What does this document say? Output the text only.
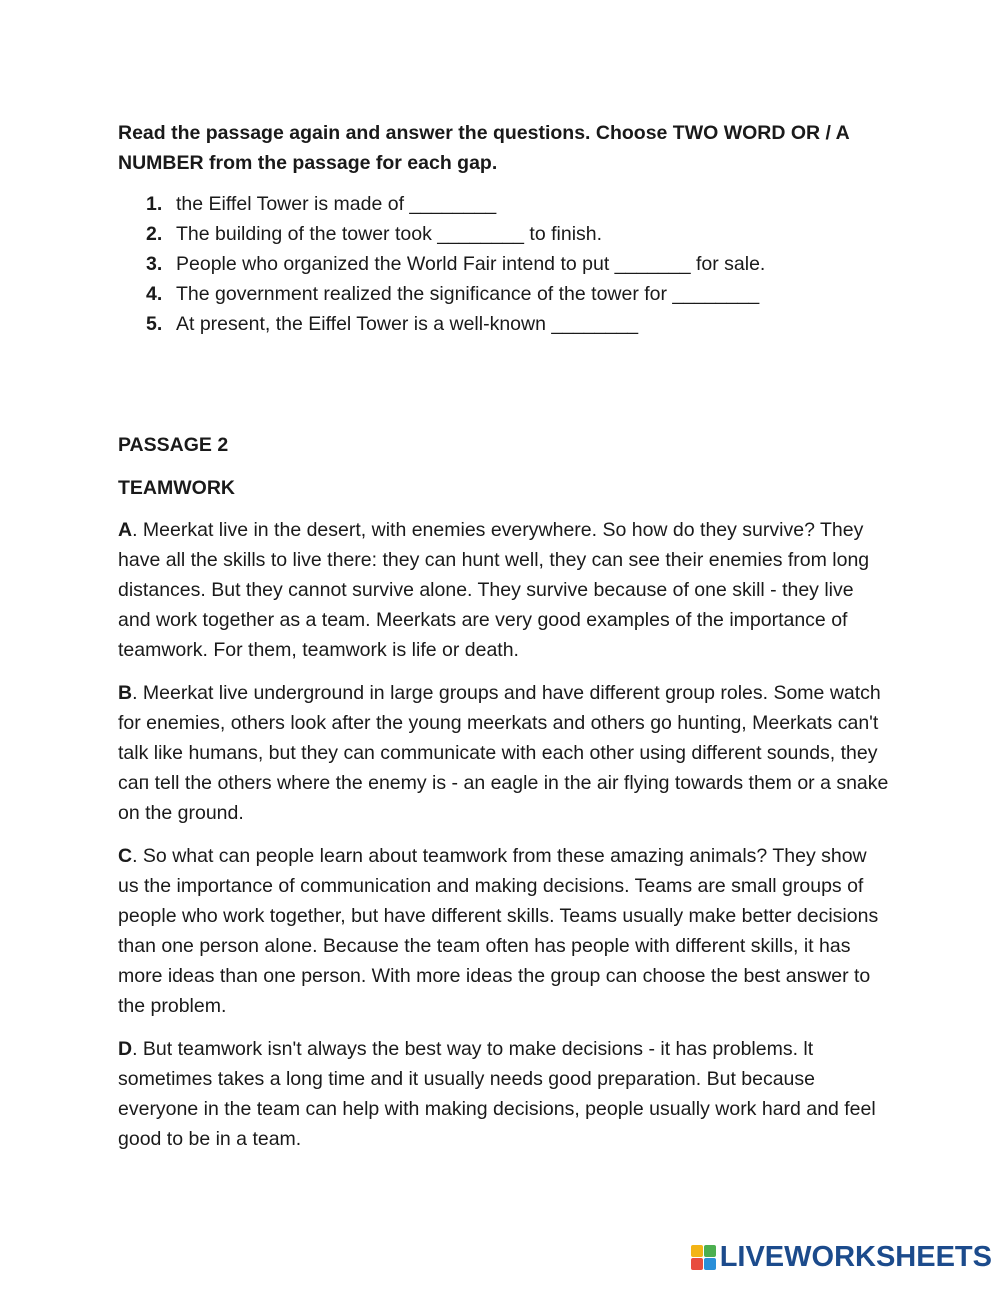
Read the passage again and answer the questions. Choose TWO WORD OR / A NUMBER from the passage for each gap.

1. the Eiffel Tower is made of ________
2. The building of the tower took ________ to finish.
3. People who organized the World Fair intend to put _______ for sale.
4. The government realized the significance of the tower for ________
5. At present, the Eiffel Tower is a well-known ________

PASSAGE 2

TEAMWORK

A. Meerkat live in the desert, with enemies everywhere. So how do they survive? They have all the skills to live there: they can hunt well, they can see their enemies from long distances. But they cannot survive alone. They survive because of one skill - they live and work together as a team. Meerkats are very good examples of the importance of teamwork. For them, teamwork is life or death.

B. Meerkat live underground in large groups and have different group roles. Some watch for enemies, others look after the young meerkats and others go hunting, Meerkats can't talk like humans, but they can communicate with each other using different sounds, they caп tell the others where the enemy is - an eagle in the air flying towards them or a snake on the ground.

C. So what can people learn about teamwork from these amazing animals? They show us the importance of communication and making decisions. Teams are small groups of people who work together, but have different skills. Teams usually make better decisions than one person alone. Because the team often has people with different skills, it has more ideas than one person. With more ideas the group can choose the best answer to the problem.

D. But teamwork isn't always the best way to make decisions - it has problems. lt sometimes takes a long time and it usually needs good preparation. But because everyone in the team can help with making decisions, people usually work hard and feel good to be in a team.

LIVEWORKSHEETS
